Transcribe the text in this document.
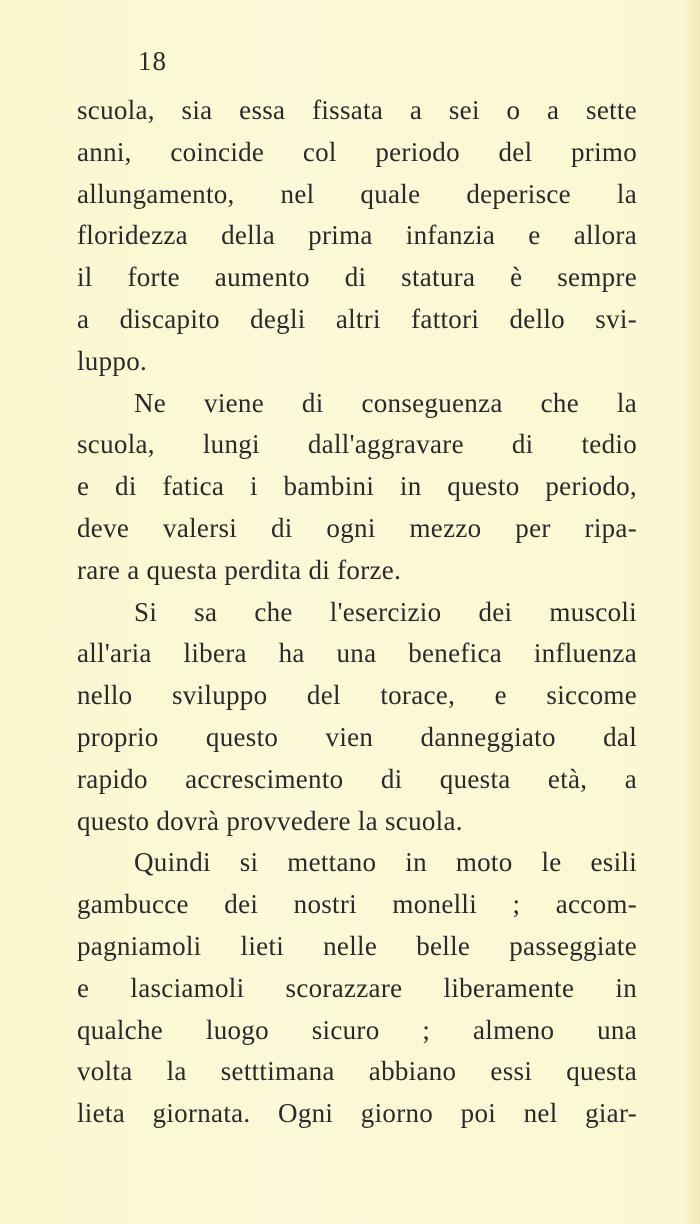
18
scuola, sia essa fissata a sei o a sette
anni, coincide col periodo del primo
allungamento, nel quale deperisce la
floridezza della prima infanzia e allora
il forte aumento di statura è sempre
a discapito degli altri fattori dello svi-
luppo.
Ne viene di conseguenza che la
scuola, lungi dall'aggravare di tedio
e di fatica i bambini in questo periodo,
deve valersi di ogni mezzo per ripa-
rare a questa perdita di forze.
Si sa che l'esercizio dei muscoli
all'aria libera ha una benefica influenza
nello sviluppo del torace, e siccome
proprio questo vien danneggiato dal
rapido accrescimento di questa età, a
questo dovrà provvedere la scuola.
Quindi si mettano in moto le esili
gambucce dei nostri monelli ; accom-
pagniamoli lieti nelle belle passeggiate
e lasciamoli scorazzare liberamente in
qualche luogo sicuro ; almeno una
volta la setttimana abbiano essi questa
lieta giornata. Ogni giorno poi nel giar-
